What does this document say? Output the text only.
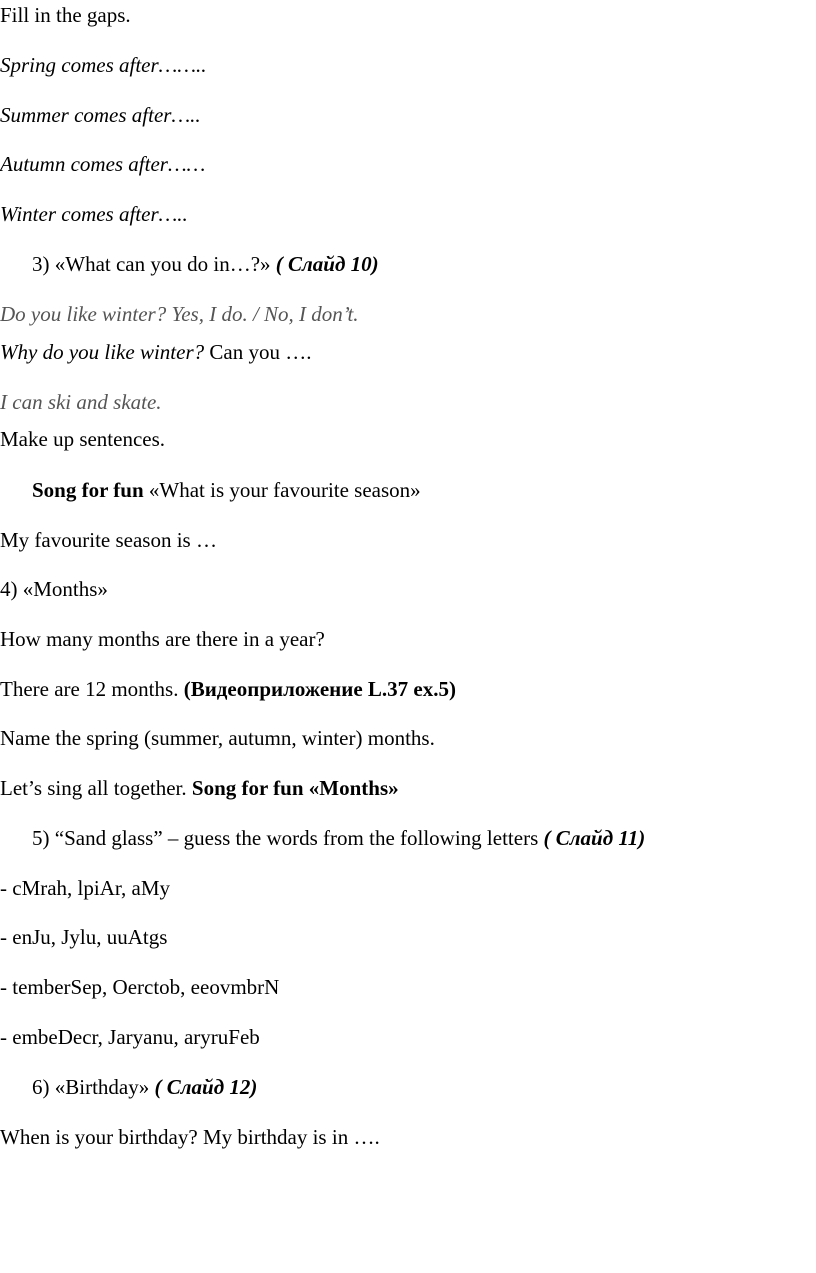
Fill in the gaps.
Spring comes after……..
Summer comes after…..
Autumn comes after……
Winter comes after…..
3) «What can you do in…?» ( Слайд 10)
Do you like winter? Yes, I do. / No, I don’t.
Why do you like winter? Can you ….
I can ski and skate.
Make up sentences.
Song for fun «What is your favourite season»
My favourite season is …
4) «Months»
How many months are there in a year?
There are 12 months. (Видеоприложение L.37 ex.5)
Name the spring (summer, autumn, winter) months.
Let’s sing all together. Song for fun «Months»
5) “Sand glass” – guess the words from the following letters ( Слайд 11)
- cMrah, lpiAr, aMy
- enJu, Jylu, uuAtgs
- temberSep, Oerctob, eeovmbrN
- embeDecr, Jaryanu, aryruFeb
6) «Birthday» ( Слайд 12)
When is your birthday? My birthday is in ….
